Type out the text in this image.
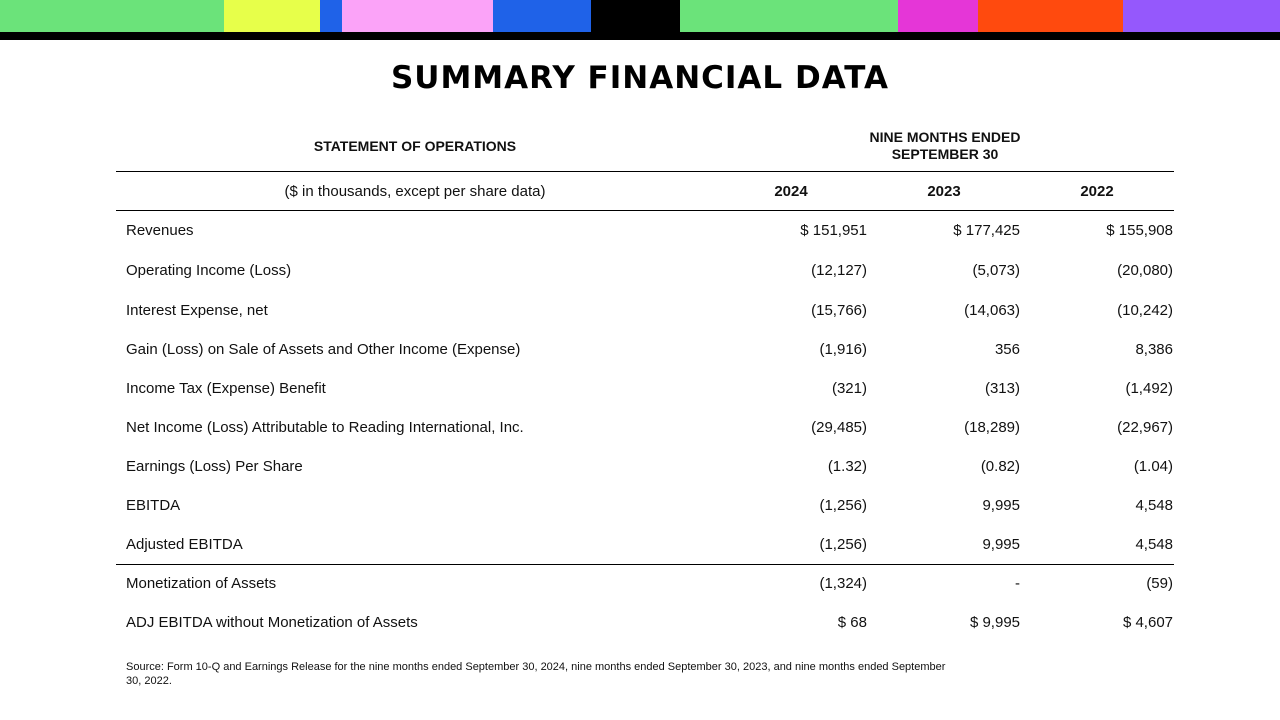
SUMMARY FINANCIAL DATA
STATEMENT OF OPERATIONS
NINE MONTHS ENDED
SEPTEMBER 30
($ in thousands, except per share data)	2024	2023	2022
Revenues	$ 151,951	$ 177,425	$ 155,908
Operating Income (Loss)	(12,127)	(5,073)	(20,080)
Interest Expense, net	(15,766)	(14,063)	(10,242)
Gain (Loss) on Sale of Assets and Other Income (Expense)	(1,916)	356	8,386
Income Tax (Expense) Benefit	(321)	(313)	(1,492)
Net Income (Loss) Attributable to Reading International, Inc.	(29,485)	(18,289)	(22,967)
Earnings (Loss) Per Share	(1.32)	(0.82)	(1.04)
EBITDA	(1,256)	9,995	4,548
Adjusted EBITDA	(1,256)	9,995	4,548
Monetization of Assets	(1,324)	-	(59)
ADJ EBITDA without Monetization of Assets	$ 68	$ 9,995	$ 4,607
Source: Form 10-Q and Earnings Release for the nine months ended September 30, 2024, nine months ended September 30, 2023, and nine months ended September 30, 2022.
